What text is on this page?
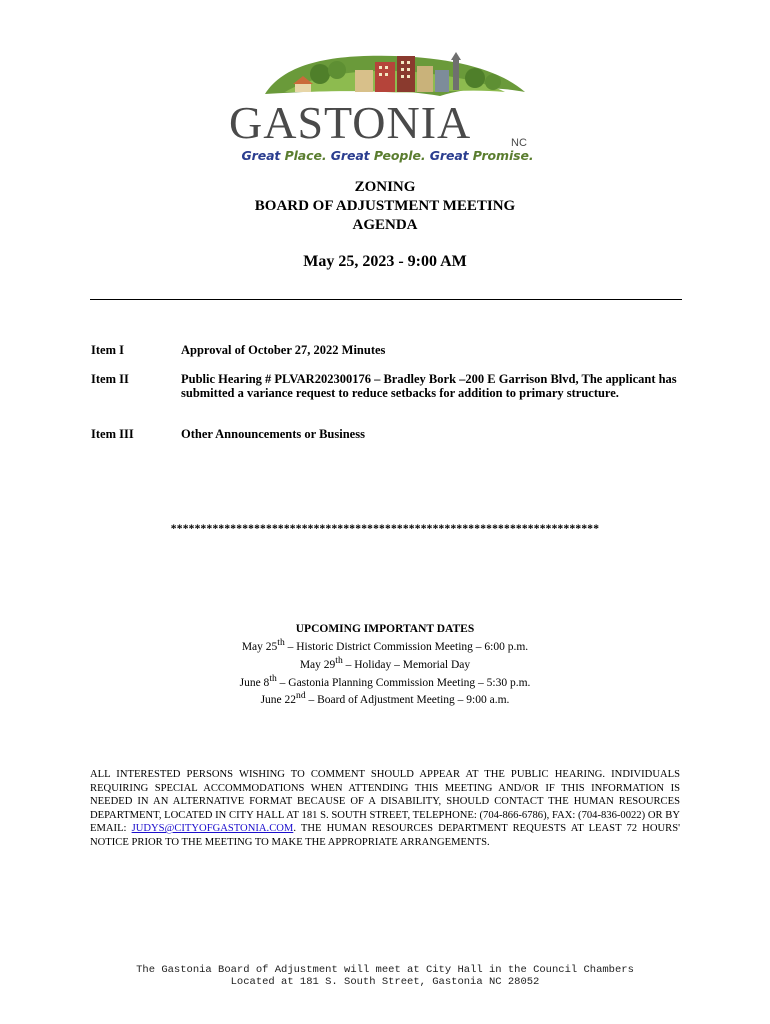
GASTONIA	NC
Great Place. Great People. Great Promise.
ZONING
BOARD OF ADJUSTMENT MEETING
AGENDA
May 25, 2023 - 9:00 AM
Item I	Approval of October 27, 2022 Minutes
Item II	Public Hearing # PLVAR202300176 – Bradley Bork –200 E Garrison Blvd, The applicant has submitted a variance request to reduce setbacks for addition to primary structure.
Item III	Other Announcements or Business
************************************************************************
UPCOMING IMPORTANT DATES
May 25th – Historic District Commission Meeting – 6:00 p.m.
May 29th – Holiday – Memorial Day
June 8th – Gastonia Planning Commission Meeting – 5:30 p.m.
June 22nd – Board of Adjustment Meeting – 9:00 a.m.
ALL INTERESTED PERSONS WISHING TO COMMENT SHOULD APPEAR AT THE PUBLIC HEARING. INDIVIDUALS REQUIRING SPECIAL ACCOMMODATIONS WHEN ATTENDING THIS MEETING AND/OR IF THIS INFORMATION IS NEEDED IN AN ALTERNATIVE FORMAT BECAUSE OF A DISABILITY, SHOULD CONTACT THE HUMAN RESOURCES DEPARTMENT, LOCATED IN CITY HALL AT 181 S. SOUTH STREET, TELEPHONE: (704-866-6786), FAX: (704-836-0022) OR BY EMAIL: JUDYS@CITYOFGASTONIA.COM. THE HUMAN RESOURCES DEPARTMENT REQUESTS AT LEAST 72 HOURS' NOTICE PRIOR TO THE MEETING TO MAKE THE APPROPRIATE ARRANGEMENTS.
The Gastonia Board of Adjustment will meet at City Hall in the Council Chambers
Located at 181 S. South Street, Gastonia NC 28052
